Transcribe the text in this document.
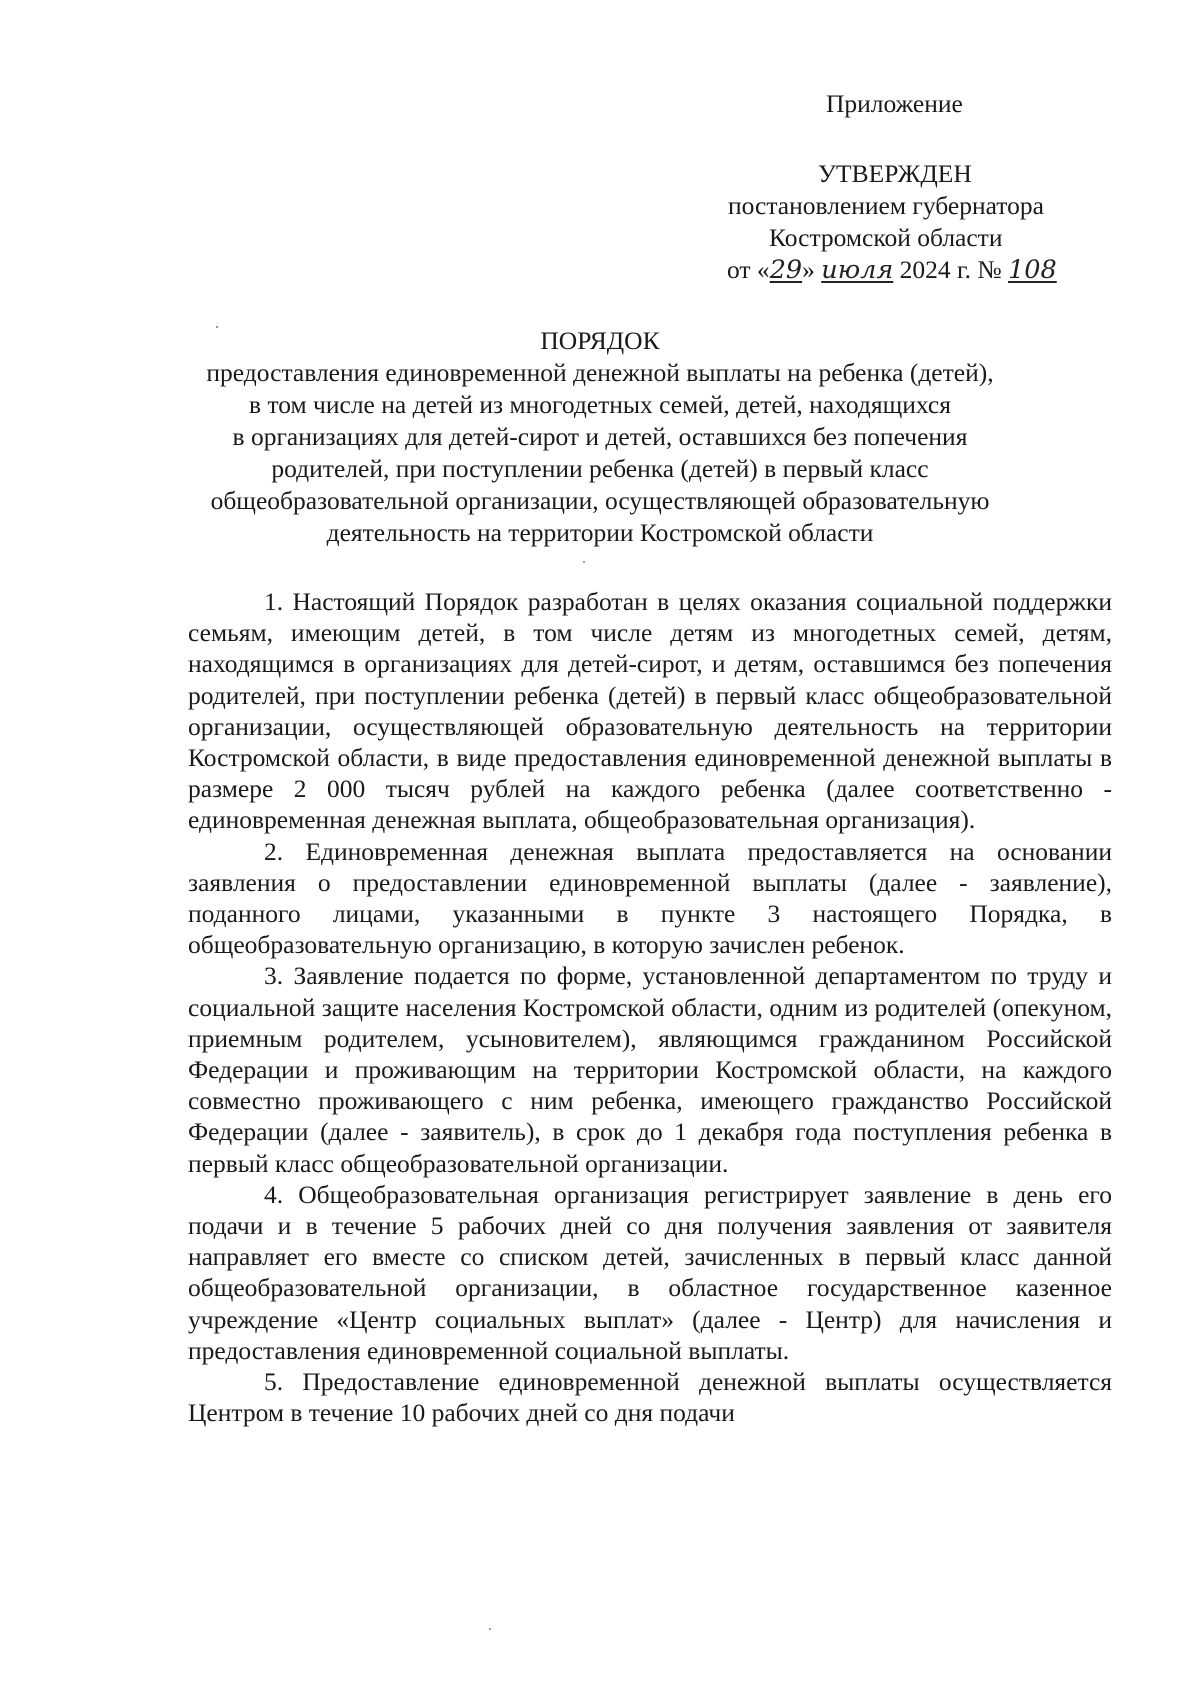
Приложение
УТВЕРЖДЕН
постановлением губернатора
Костромской области
от «29» июля 2024 г. № 108
ПОРЯДОК
предоставления единовременной денежной выплаты на ребенка (детей),
в том числе на детей из многодетных семей, детей, находящихся
в организациях для детей-сирот и детей, оставшихся без попечения
родителей, при поступлении ребенка (детей) в первый класс
общеобразовательной организации, осуществляющей образовательную
деятельность на территории Костромской области

1. Настоящий Порядок разработан в целях оказания социальной поддержки семьям, имеющим детей, в том числе детям из многодетных семей, детям, находящимся в организациях для детей-сирот, и детям, оставшимся без попечения родителей, при поступлении ребенка (детей) в первый класс общеобразовательной организации, осуществляющей образовательную деятельность на территории Костромской области, в виде предоставления единовременной денежной выплаты в размере 2 000 тысяч рублей на каждого ребенка (далее соответственно - единовременная денежная выплата, общеобразовательная организация).

2. Единовременная денежная выплата предоставляется на основании заявления о предоставлении единовременной выплаты (далее - заявление), поданного лицами, указанными в пункте 3 настоящего Порядка, в общеобразовательную организацию, в которую зачислен ребенок.

3. Заявление подается по форме, установленной департаментом по труду и социальной защите населения Костромской области, одним из родителей (опекуном, приемным родителем, усыновителем), являющимся гражданином Российской Федерации и проживающим на территории Костромской области, на каждого совместно проживающего с ним ребенка, имеющего гражданство Российской Федерации (далее - заявитель), в срок до 1 декабря года поступления ребенка в первый класс общеобразовательной организации.

4. Общеобразовательная организация регистрирует заявление в день его подачи и в течение 5 рабочих дней со дня получения заявления от заявителя направляет его вместе со списком детей, зачисленных в первый класс данной общеобразовательной организации, в областное государственное казенное учреждение «Центр социальных выплат» (далее - Центр) для начисления и предоставления единовременной социальной выплаты.

5. Предоставление единовременной денежной выплаты осуществляется Центром в течение 10 рабочих дней со дня подачи
